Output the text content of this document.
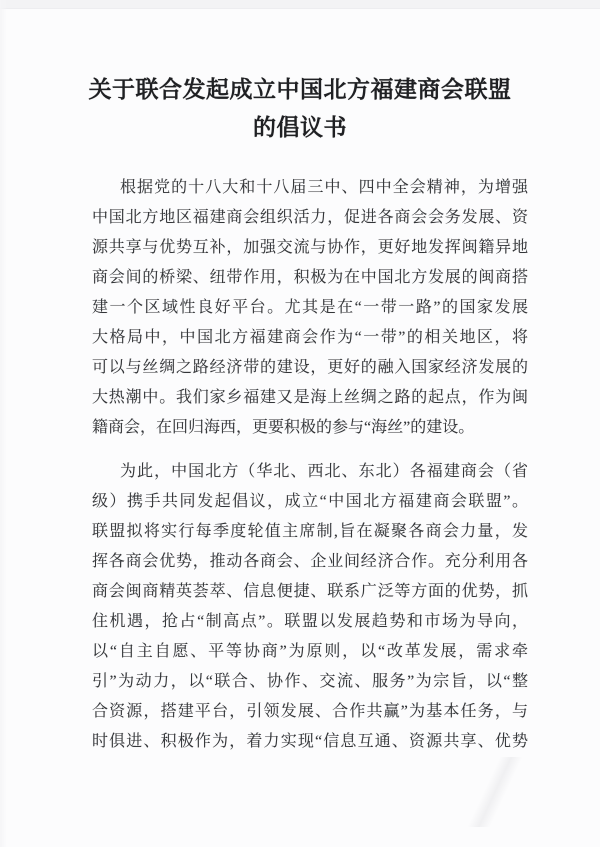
关于联合发起成立中国北方福建商会联盟
的倡议书
根据党的十八大和十八届三中、四中全会精神，为增强
中国北方地区福建商会组织活力，促进各商会会务发展、资
源共享与优势互补，加强交流与协作，更好地发挥闽籍异地
商会间的桥梁、纽带作用，积极为在中国北方发展的闽商搭
建一个区域性良好平台。尤其是在“一带一路”的国家发展
大格局中，中国北方福建商会作为“一带”的相关地区，将
可以与丝绸之路经济带的建设，更好的融入国家经济发展的
大热潮中。我们家乡福建又是海上丝绸之路的起点，作为闽
籍商会，在回归海西，更要积极的参与“海丝”的建设。
为此，中国北方（华北、西北、东北）各福建商会（省
级）携手共同发起倡议，成立“中国北方福建商会联盟”。
联盟拟将实行每季度轮值主席制,旨在凝聚各商会力量，发
挥各商会优势，推动各商会、企业间经济合作。充分利用各
商会闽商精英荟萃、信息便捷、联系广泛等方面的优势，抓
住机遇，抢占“制高点”。联盟以发展趋势和市场为导向，
以“自主自愿、平等协商”为原则，以“改革发展，需求牵
引”为动力，以“联合、协作、交流、服务”为宗旨，以“整
合资源，搭建平台，引领发展、合作共赢”为基本任务，与
时俱进、积极作为，着力实现“信息互通、资源共享、优势
